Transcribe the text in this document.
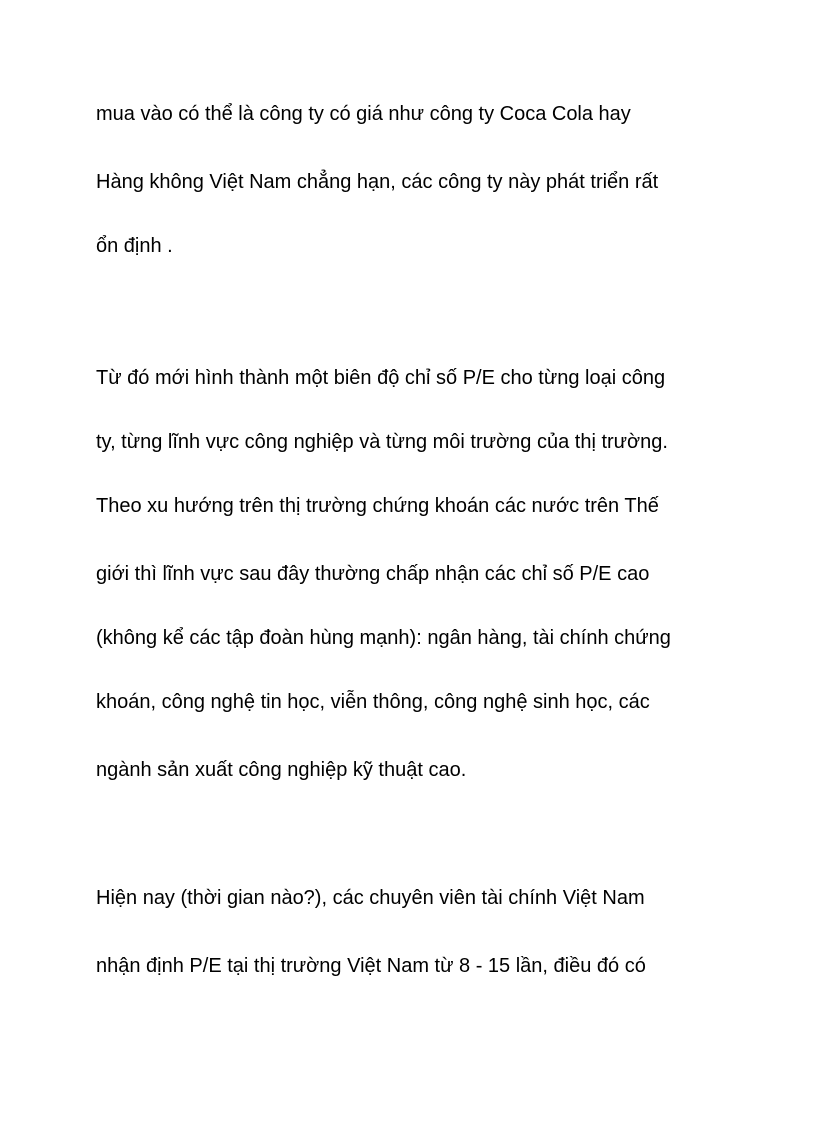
mua vào có thể là công ty có giá như công ty Coca Cola hay
Hàng không Việt Nam chẳng hạn, các công ty này phát triển rất
ổn định .
Từ đó mới hình thành một biên độ chỉ số P/E cho từng loại công
ty, từng lĩnh vực công nghiệp và từng môi trường của thị trường.
Theo xu hướng trên thị trường chứng khoán các nước trên Thế
giới thì lĩnh vực sau đây thường chấp nhận các chỉ số P/E cao
(không kể các tập đoàn hùng mạnh): ngân hàng, tài chính chứng
khoán, công nghệ tin học, viễn thông, công nghệ sinh học, các
ngành sản xuất công nghiệp kỹ thuật cao.
Hiện nay (thời gian nào?), các chuyên viên tài chính Việt Nam
nhận định P/E tại thị trường Việt Nam từ 8 - 15 lần, điều đó có
